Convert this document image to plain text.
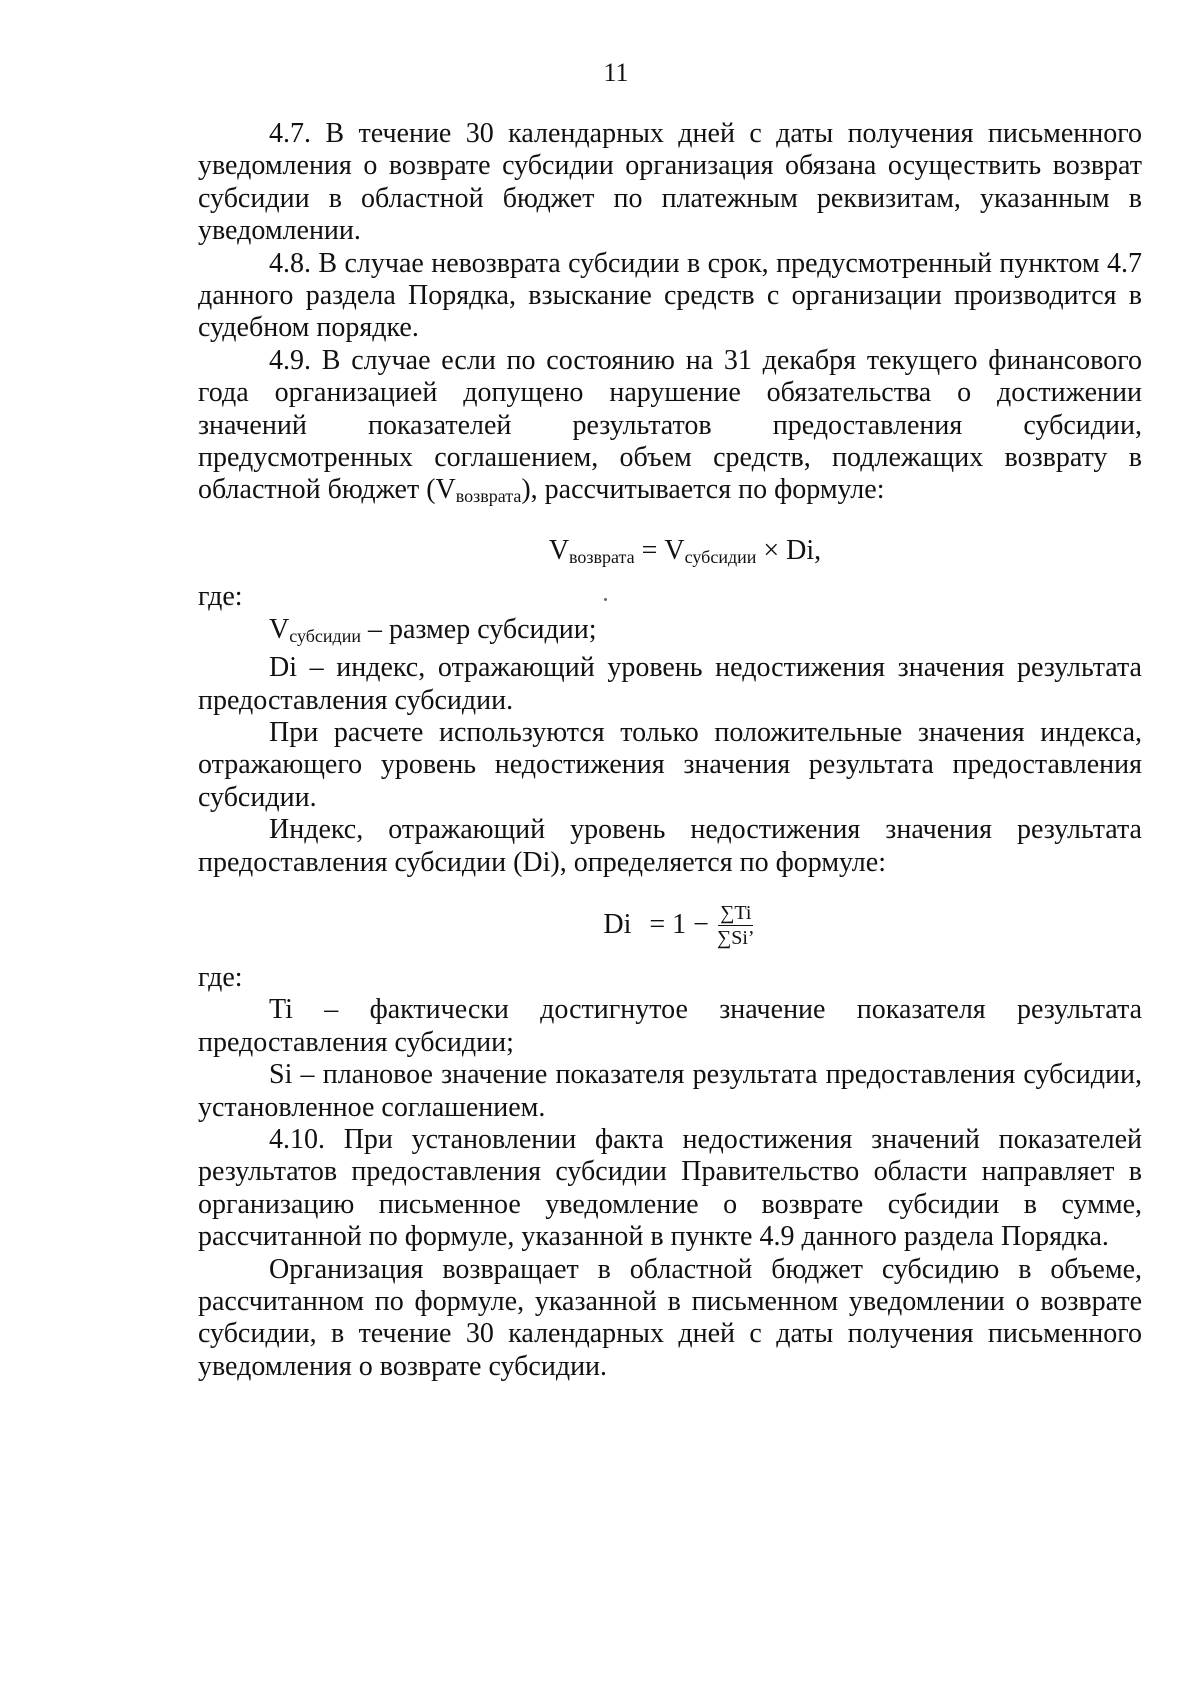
11

4.7. В течение 30 календарных дней с даты получения письменного уведомления о возврате субсидии организация обязана осуществить возврат субсидии в областной бюджет по платежным реквизитам, указанным в уведомлении.

4.8. В случае невозврата субсидии в срок, предусмотренный пунктом 4.7 данного раздела Порядка, взыскание средств с организации производится в судебном порядке.

4.9. В случае если по состоянию на 31 декабря текущего финансового года организацией допущено нарушение обязательства о достижении значений показателей результатов предоставления субсидии, предусмотренных соглашением, объем средств, подлежащих возврату в областной бюджет $(V_{возврата})$, рассчитывается по формуле:

$V_{возврата} = V_{субсидии} \times Di$,

где:

$V_{субсидии}$ – размер субсидии;

Di – индекс, отражающий уровень недостижения значения результата предоставления субсидии.

При расчете используются только положительные значения индекса, отражающего уровень недостижения значения результата предоставления субсидии.

Индекс, отражающий уровень недостижения значения результата предоставления субсидии (Di), определяется по формуле:

$Di = 1 - \frac{\sum Ti}{\sum Si’}$

где:

Ti – фактически достигнутое значение показателя результата предоставления субсидии;

Si – плановое значение показателя результата предоставления субсидии, установленное соглашением.

4.10. При установлении факта недостижения значений показателей результатов предоставления субсидии Правительство области направляет в организацию письменное уведомление о возврате субсидии в сумме, рассчитанной по формуле, указанной в пункте 4.9 данного раздела Порядка.

Организация возвращает в областной бюджет субсидию в объеме, рассчитанном по формуле, указанной в письменном уведомлении о возврате субсидии, в течение 30 календарных дней с даты получения письменного уведомления о возврате субсидии.
